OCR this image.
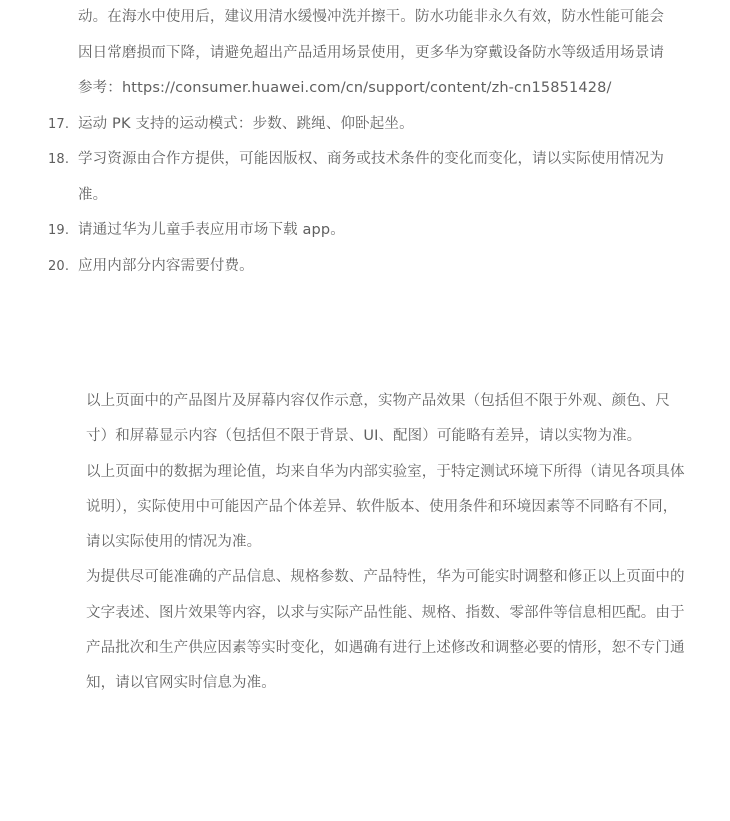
动。在海水中使用后，建议用清水缓慢冲洗并擦干。防水功能非永久有效，防水性能可能会因日常磨损而下降，请避免超出产品适用场景使用，更多华为穿戴设备防水等级适用场景请参考：https://consumer.huawei.com/cn/support/content/zh-cn15851428/
17. 运动 PK 支持的运动模式：步数、跳绳、仰卧起坐。
18. 学习资源由合作方提供，可能因版权、商务或技术条件的变化而变化，请以实际使用情况为准。
19. 请通过华为儿童手表应用市场下载 app。
20. 应用内部分内容需要付费。

以上页面中的产品图片及屏幕内容仅作示意，实物产品效果（包括但不限于外观、颜色、尺寸）和屏幕显示内容（包括但不限于背景、UI、配图）可能略有差异，请以实物为准。

以上页面中的数据为理论值，均来自华为内部实验室，于特定测试环境下所得（请见各项具体说明），实际使用中可能因产品个体差异、软件版本、使用条件和环境因素等不同略有不同，请以实际使用的情况为准。

为提供尽可能准确的产品信息、规格参数、产品特性，华为可能实时调整和修正以上页面中的文字表述、图片效果等内容，以求与实际产品性能、规格、指数、零部件等信息相匹配。由于产品批次和生产供应因素等实时变化，如遇确有进行上述修改和调整必要的情形，恕不专门通知，请以官网实时信息为准。
